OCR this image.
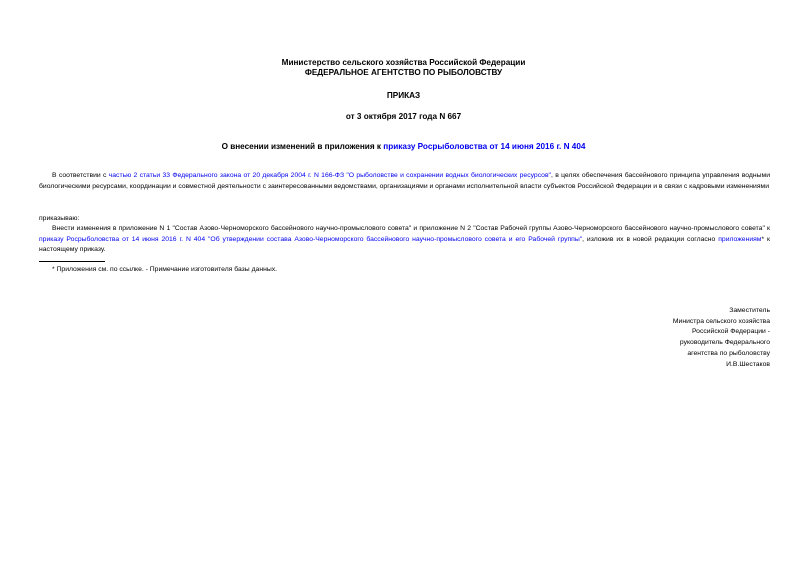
Министерство сельского хозяйства Российской Федерации
ФЕДЕРАЛЬНОЕ АГЕНТСТВО ПО РЫБОЛОВСТВУ
ПРИКАЗ
от 3 октября 2017 года N 667
О внесении изменений в приложения к приказу Росрыболовства от 14 июня 2016 г. N 404
В соответствии с частью 2 статьи 33 Федерального закона от 20 декабря 2004 г. N 166-ФЗ "О рыболовстве и сохранении водных биологических ресурсов", в целях обеспечения бассейнового принципа управления водными биологическими ресурсами, координации и совместной деятельности с заинтересованными ведомствами, организациями и органами исполнительной власти субъектов Российской Федерации и в связи с кадровыми изменениями
приказываю:
Внести изменения в приложение N 1 "Состав Азово-Черноморского бассейнового научно-промыслового совета" и приложение N 2 "Состав Рабочей группы Азово-Черноморского бассейнового научно-промыслового совета" к приказу Росрыболовства от 14 июня 2016 г. N 404 "Об утверждении состава Азово-Черноморского бассейнового научно-промыслового совета и его Рабочей группы", изложив их в новой редакции согласно приложениям* к настоящему приказу.
* Приложения см. по ссылке. - Примечание изготовителя базы данных.
Заместитель
Министра сельского хозяйства
Российской Федерации -
руководитель Федерального
агентства по рыболовству
И.В.Шестаков
